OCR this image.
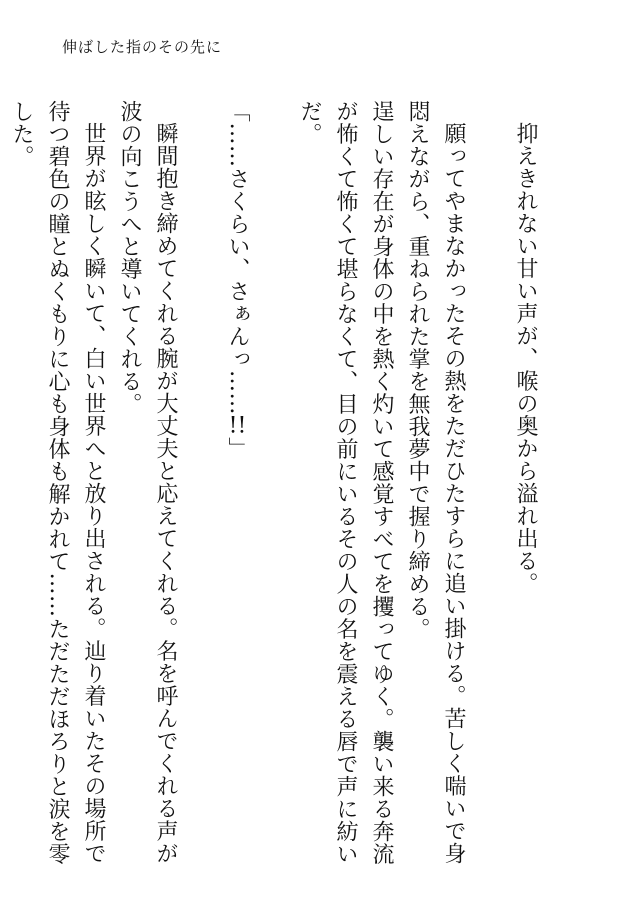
伸ばした指のその先に

抑えきれない甘い声が、喉の奥から溢れ出る。

願ってやまなかったその熱をただひたすらに追い掛ける。苦しく喘いで身悶えながら、重ねられた掌を無我夢中で握り締める。

逞しい存在が身体の中を熱く灼いて感覚すべてを攫ってゆく。襲い来る奔流が怖くて怖くて堪らなくて、目の前にいるその人の名を震える唇で声に紡いだ。

「……さくらい、さぁんっ……!!」

瞬間抱き締めてくれる腕が大丈夫と応えてくれる。名を呼んでくれる声が波の向こうへと導いてくれる。

世界が眩しく瞬いて、白い世界へと放り出される。辿り着いたその場所で待つ碧色の瞳とぬくもりに心も身体も解かれて……ただただほろりと涙を零した。
